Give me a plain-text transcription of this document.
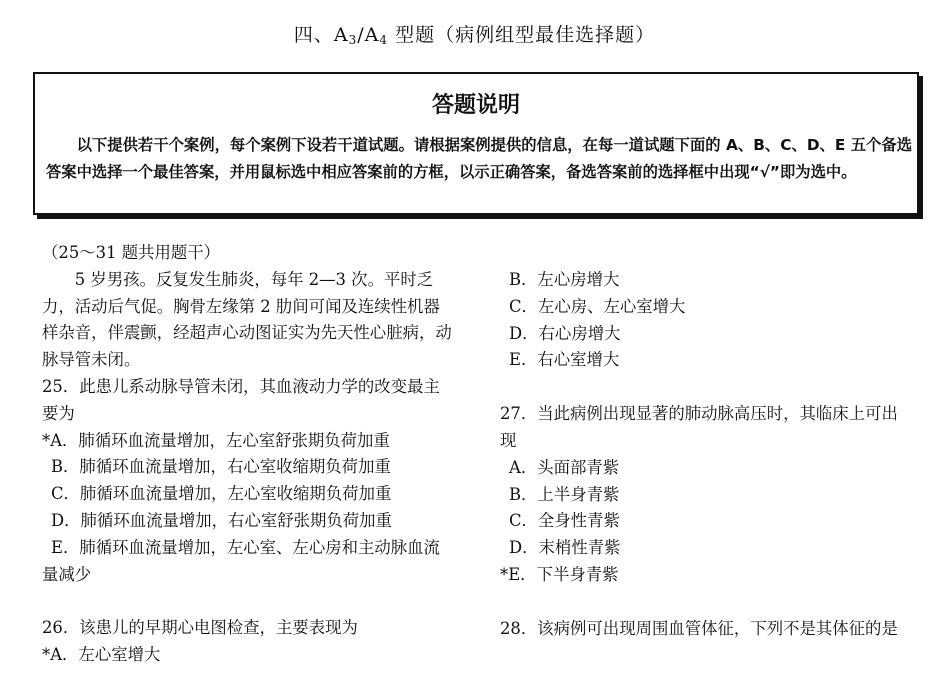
四、$A_3/A_4$ 型题（病例组型最佳选择题）
答题说明
以下提供若干个案例，每个案例下设若干道试题。请根据案例提供的信息，在每一道试题下面的 A、B、C、D、E 五个备选答案中选择一个最佳答案，并用鼠标选中相应答案前的方框，以示正确答案，备选答案前的选择框中出现“√”即为选中。
（25～31 题共用题干）
5 岁男孩。反复发生肺炎，每年 2—3 次。平时乏力，活动后气促。胸骨左缘第 2 肋间可闻及连续性机器样杂音，伴震颤，经超声心动图证实为先天性心脏病，动脉导管未闭。
25．此患儿系动脉导管未闭，其血液动力学的改变最主要为
*A．肺循环血流量增加，左心室舒张期负荷加重
B．肺循环血流量增加，右心室收缩期负荷加重
C．肺循环血流量增加，左心室收缩期负荷加重
D．肺循环血流量增加，右心室舒张期负荷加重
E．肺循环血流量增加，左心室、左心房和主动脉血流量减少
26．该患儿的早期心电图检查，主要表现为
*A．左心室增大
B．左心房增大
C．左心房、左心室增大
D．右心房增大
E．右心室增大
27．当此病例出现显著的肺动脉高压时，其临床上可出现
A．头面部青紫
B．上半身青紫
C．全身性青紫
D．末梢性青紫
*E．下半身青紫
28．该病例可出现周围血管体征，下列不是其体征的是
